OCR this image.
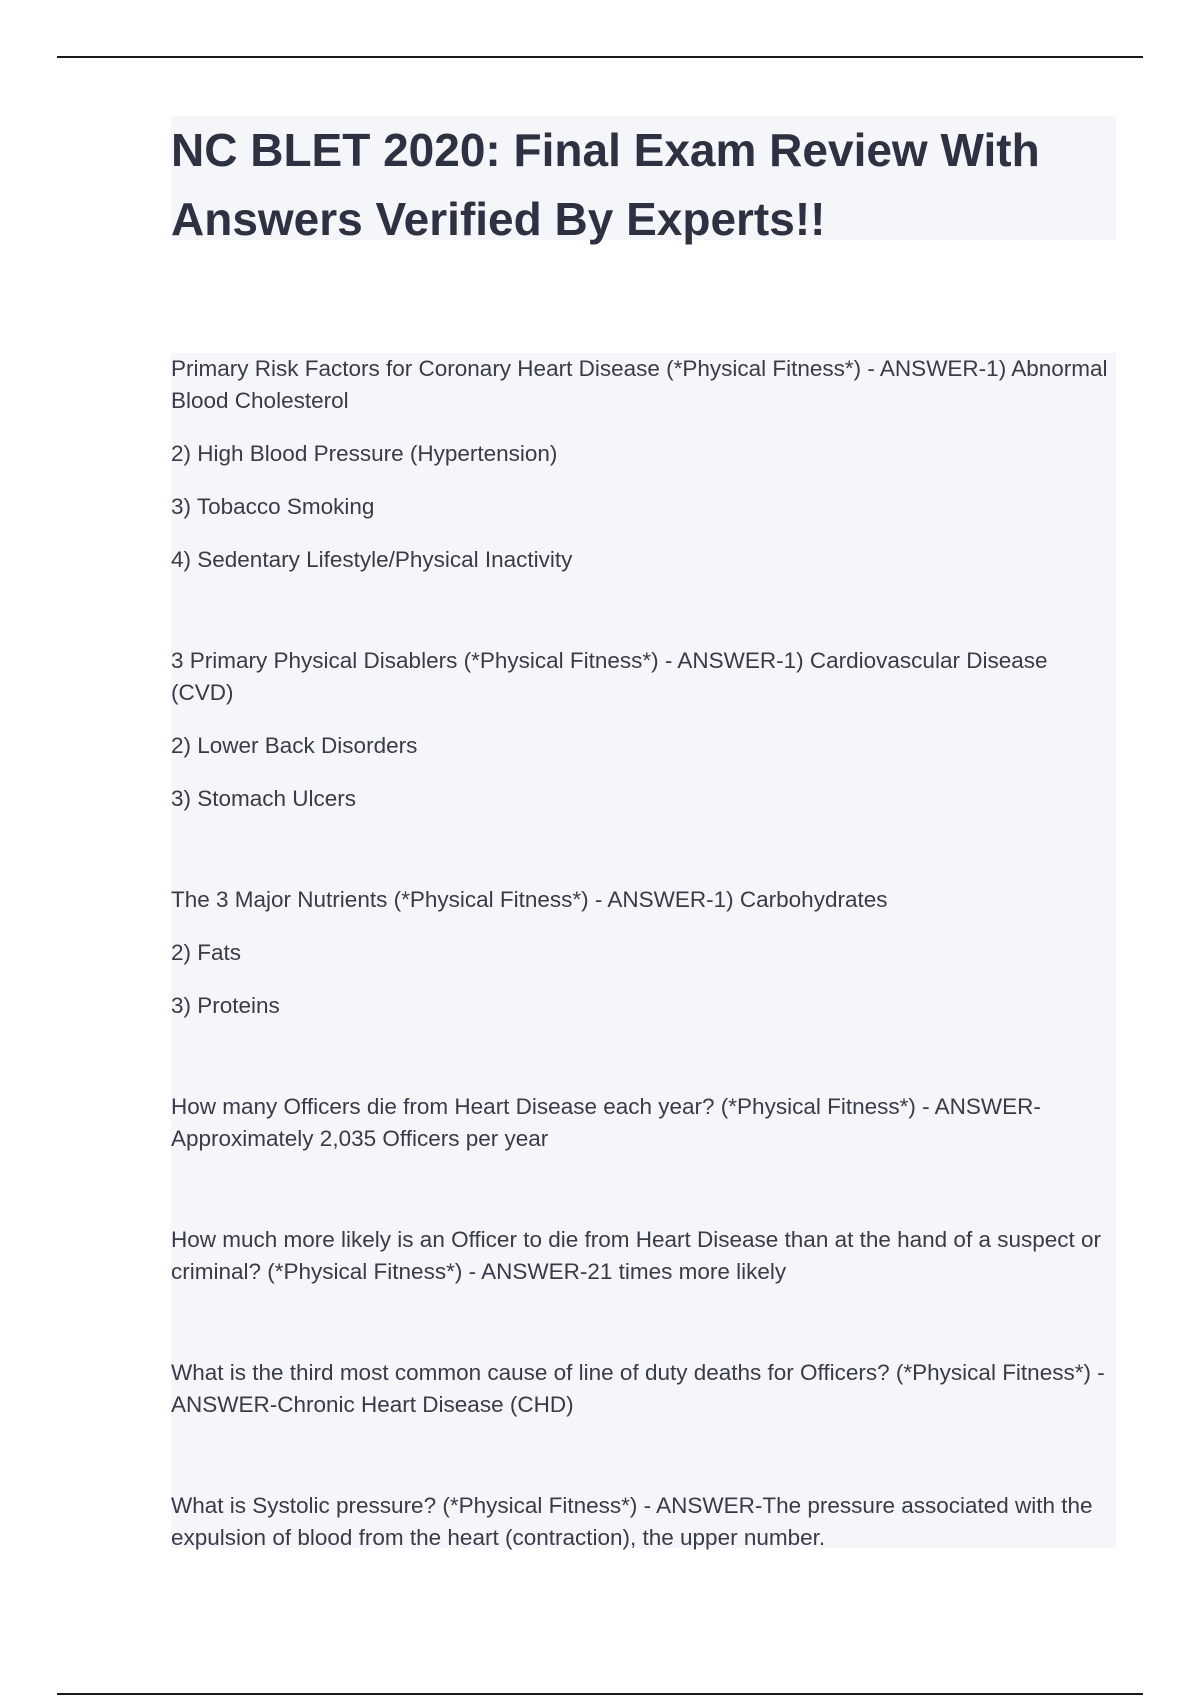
NC BLET 2020: Final Exam Review With Answers Verified By Experts!!

Primary Risk Factors for Coronary Heart Disease (*Physical Fitness*) - ANSWER-1) Abnormal Blood Cholesterol

2) High Blood Pressure (Hypertension)

3) Tobacco Smoking

4) Sedentary Lifestyle/Physical Inactivity

3 Primary Physical Disablers (*Physical Fitness*) - ANSWER-1) Cardiovascular Disease (CVD)

2) Lower Back Disorders

3) Stomach Ulcers

The 3 Major Nutrients (*Physical Fitness*) - ANSWER-1) Carbohydrates

2) Fats

3) Proteins

How many Officers die from Heart Disease each year? (*Physical Fitness*) - ANSWER-Approximately 2,035 Officers per year

How much more likely is an Officer to die from Heart Disease than at the hand of a suspect or criminal? (*Physical Fitness*) - ANSWER-21 times more likely

What is the third most common cause of line of duty deaths for Officers? (*Physical Fitness*) - ANSWER-Chronic Heart Disease (CHD)

What is Systolic pressure? (*Physical Fitness*) - ANSWER-The pressure associated with the expulsion of blood from the heart (contraction), the upper number.
